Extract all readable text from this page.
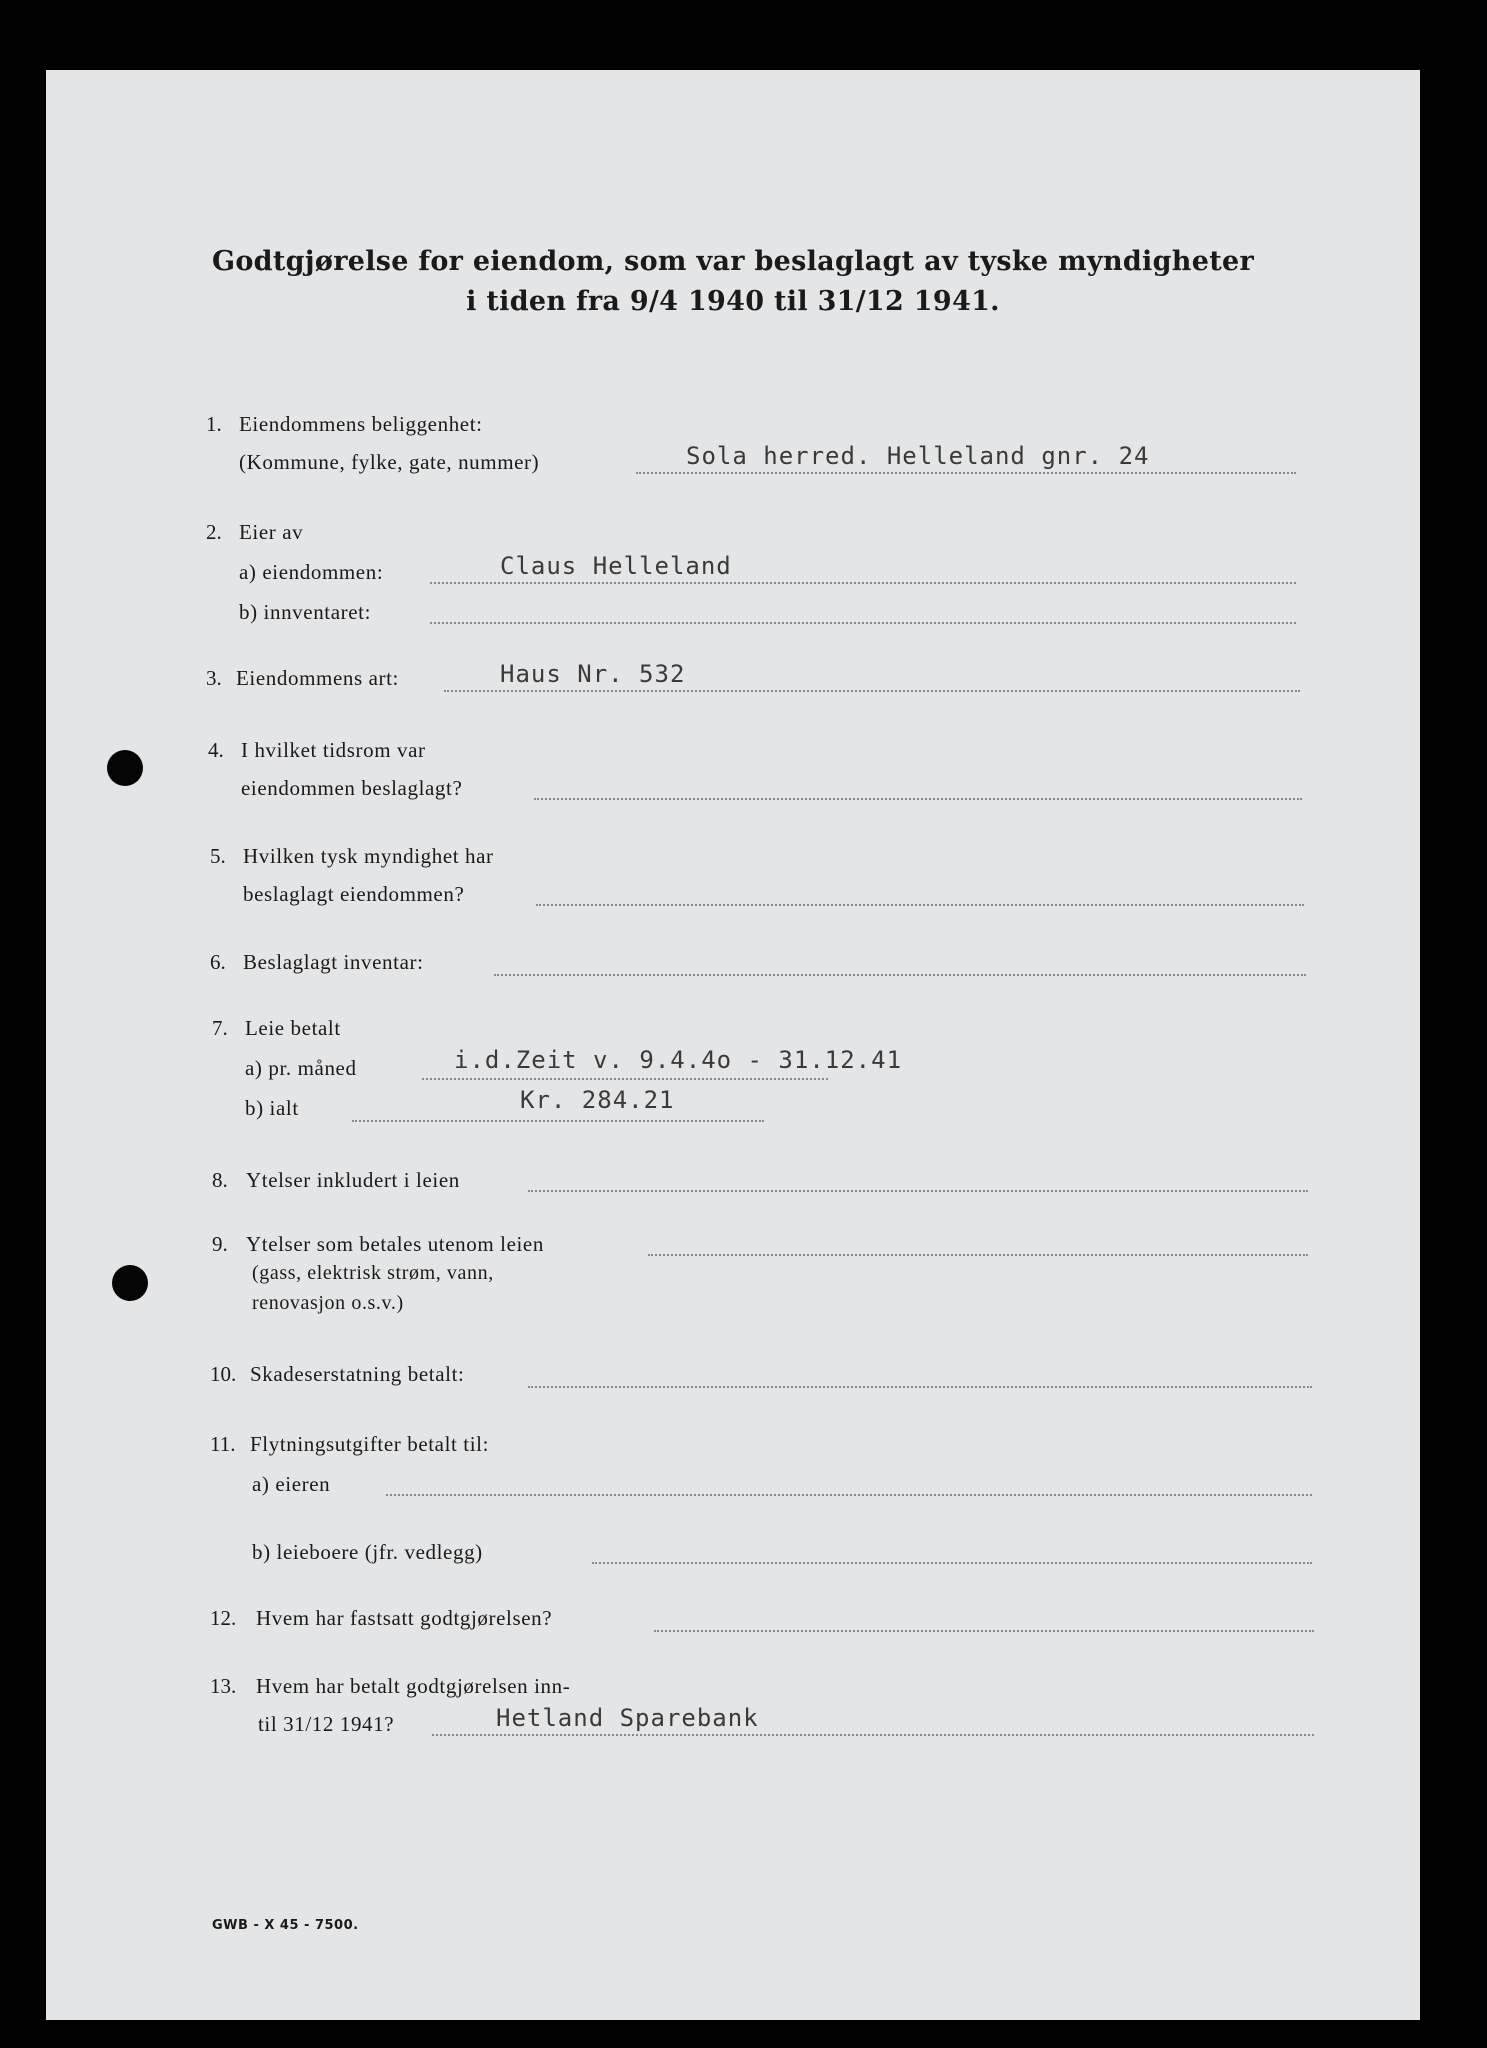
Godtgjørelse for eiendom, som var beslaglagt av tyske myndigheter
i tiden fra 9/4 1940 til 31/12 1941.
1. Eiendommens beliggenhet:
(Kommune, fylke, gate, nummer)	Sola herred. Helleland gnr. 24
2. Eier av
a) eiendommen:	Claus Helleland
b) innventaret:
3. Eiendommens art:	Haus Nr. 532
4. I hvilket tidsrom var
eiendommen beslaglagt?
5. Hvilken tysk myndighet har
beslaglagt eiendommen?
6. Beslaglagt inventar:
7. Leie betalt
a) pr. måned	i.d.Zeit v. 9.4.4o - 31.12.41
b) ialt	Kr. 284.21
8. Ytelser inkludert i leien
9. Ytelser som betales utenom leien
(gass, elektrisk strøm, vann,
renovasjon o.s.v.)
10. Skadeserstatning betalt:
11. Flytningsutgifter betalt til:
a) eieren
b) leieboere (jfr. vedlegg)
12. Hvem har fastsatt godtgjørelsen?
13. Hvem har betalt godtgjørelsen inn-
til 31/12 1941?	Hetland Sparebank
GWB - X 45 - 7500.
